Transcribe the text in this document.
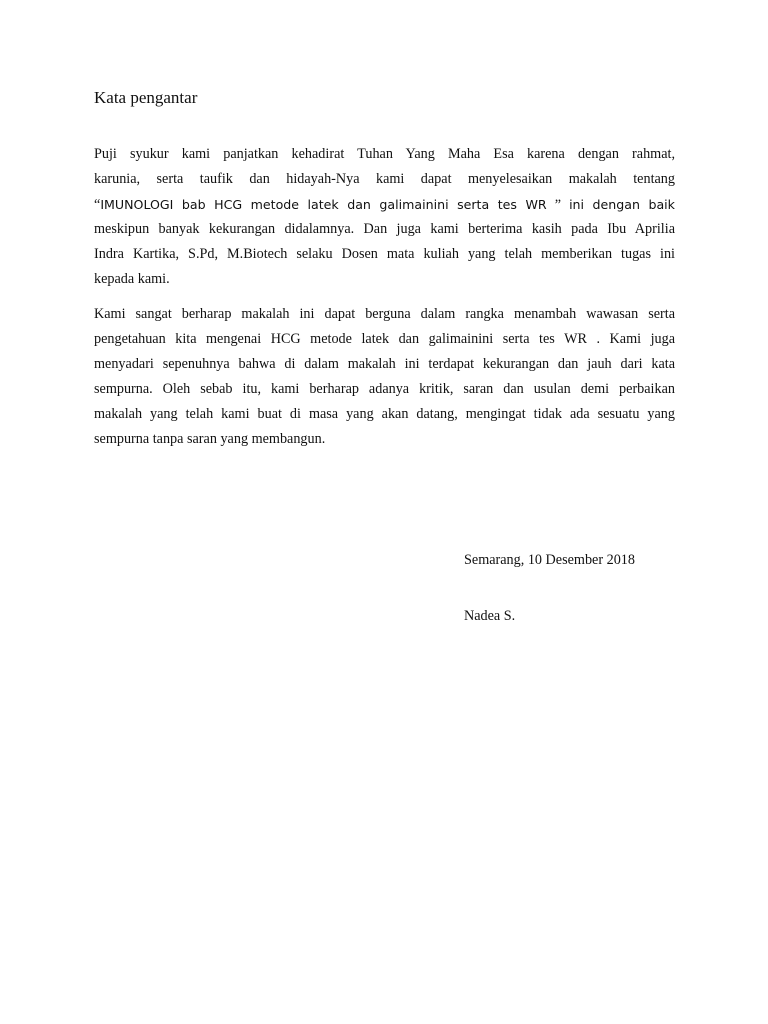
Kata pengantar
Puji syukur kami panjatkan kehadirat Tuhan Yang Maha Esa karena dengan rahmat,
karunia, serta taufik dan hidayah-Nya kami dapat menyelesaikan makalah tentang
“IMUNOLOGI bab HCG metode latek dan galimainini serta tes WR ” ini dengan baik
meskipun banyak kekurangan didalamnya. Dan juga kami berterima kasih pada Ibu Aprilia
Indra Kartika, S.Pd, M.Biotech selaku Dosen mata kuliah yang telah memberikan tugas ini
kepada kami.
Kami sangat berharap makalah ini dapat berguna dalam rangka menambah wawasan serta
pengetahuan kita mengenai HCG metode latek dan galimainini serta tes WR . Kami juga
menyadari sepenuhnya bahwa di dalam makalah ini terdapat kekurangan dan jauh dari kata
sempurna. Oleh sebab itu, kami berharap adanya kritik, saran dan usulan demi perbaikan
makalah yang telah kami buat di masa yang akan datang, mengingat tidak ada sesuatu yang
sempurna tanpa saran yang membangun.
Semarang, 10 Desember 2018
Nadea S.
